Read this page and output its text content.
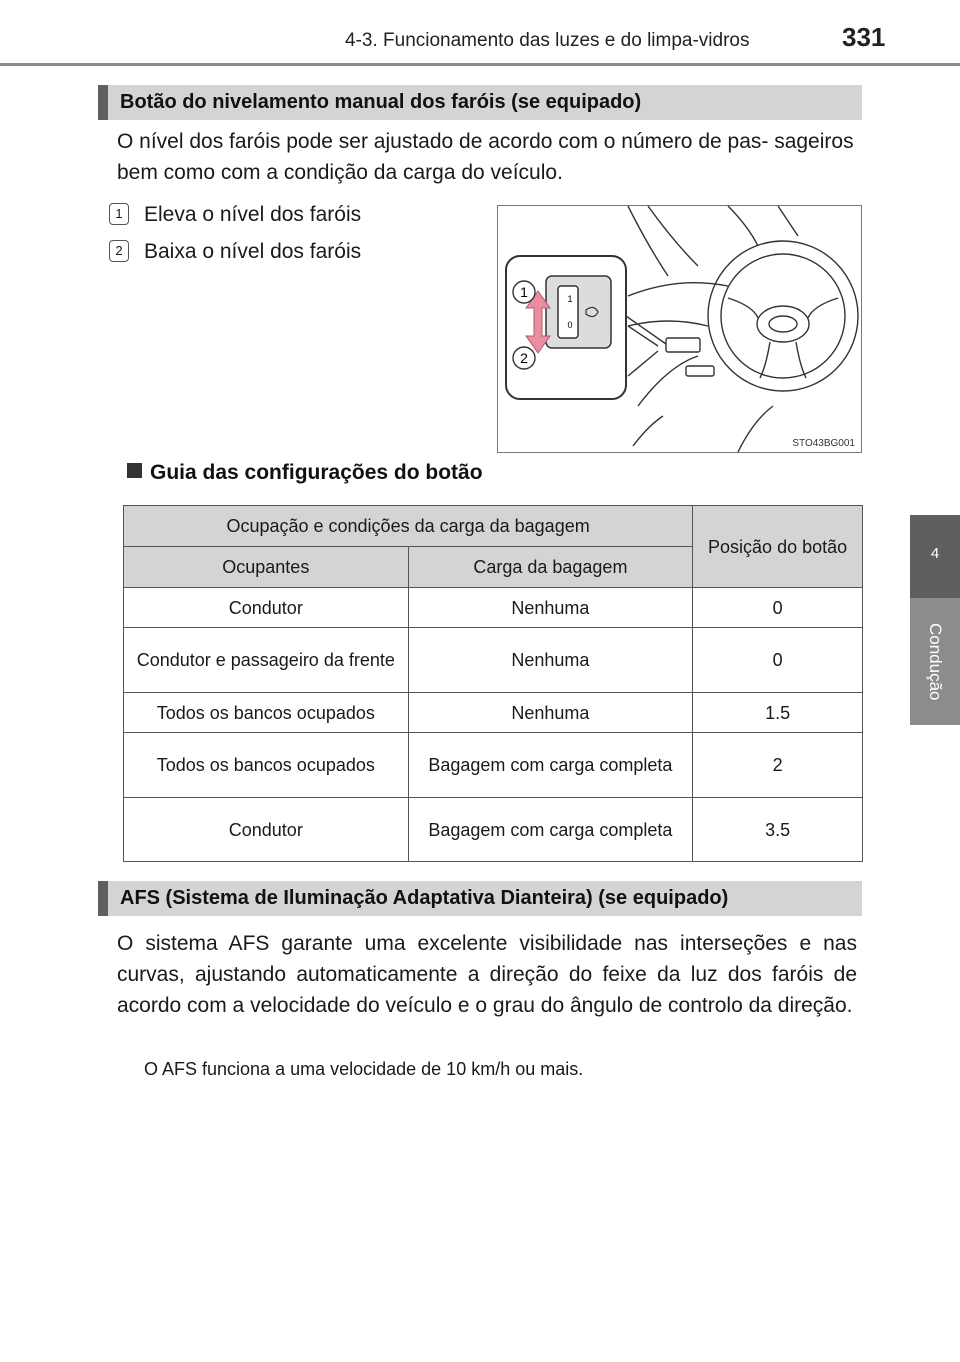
4-3. Funcionamento das luzes e do limpa-vidros	331
4
Condução
Botão do nivelamento manual dos faróis (se equipado)
O nível dos faróis pode ser ajustado de acordo com o número de pas- sageiros bem como com a condição da carga do veículo.
1	Eleva o nível dos faróis
2	Baixa o nível dos faróis
1
2
1
0
STO43BG001
Guia das configurações do botão
Ocupação e condições da carga da bagagem		Posição do botão
Ocupantes	Carga da bagagem	
Condutor	Nenhuma	0
Condutor e passageiro da frente	Nenhuma	0
Todos os bancos ocupados	Nenhuma	1.5
Todos os bancos ocupados	Bagagem com carga completa	2
Condutor	Bagagem com carga completa	3.5
AFS (Sistema de Iluminação Adaptativa Dianteira) (se equipado)
O sistema AFS garante uma excelente visibilidade nas interseções e nas curvas, ajustando automaticamente a direção do feixe da luz dos faróis de acordo com a velocidade do veículo e o grau do ângulo de controlo da direção.
O AFS funciona a uma velocidade de 10 km/h ou mais.
